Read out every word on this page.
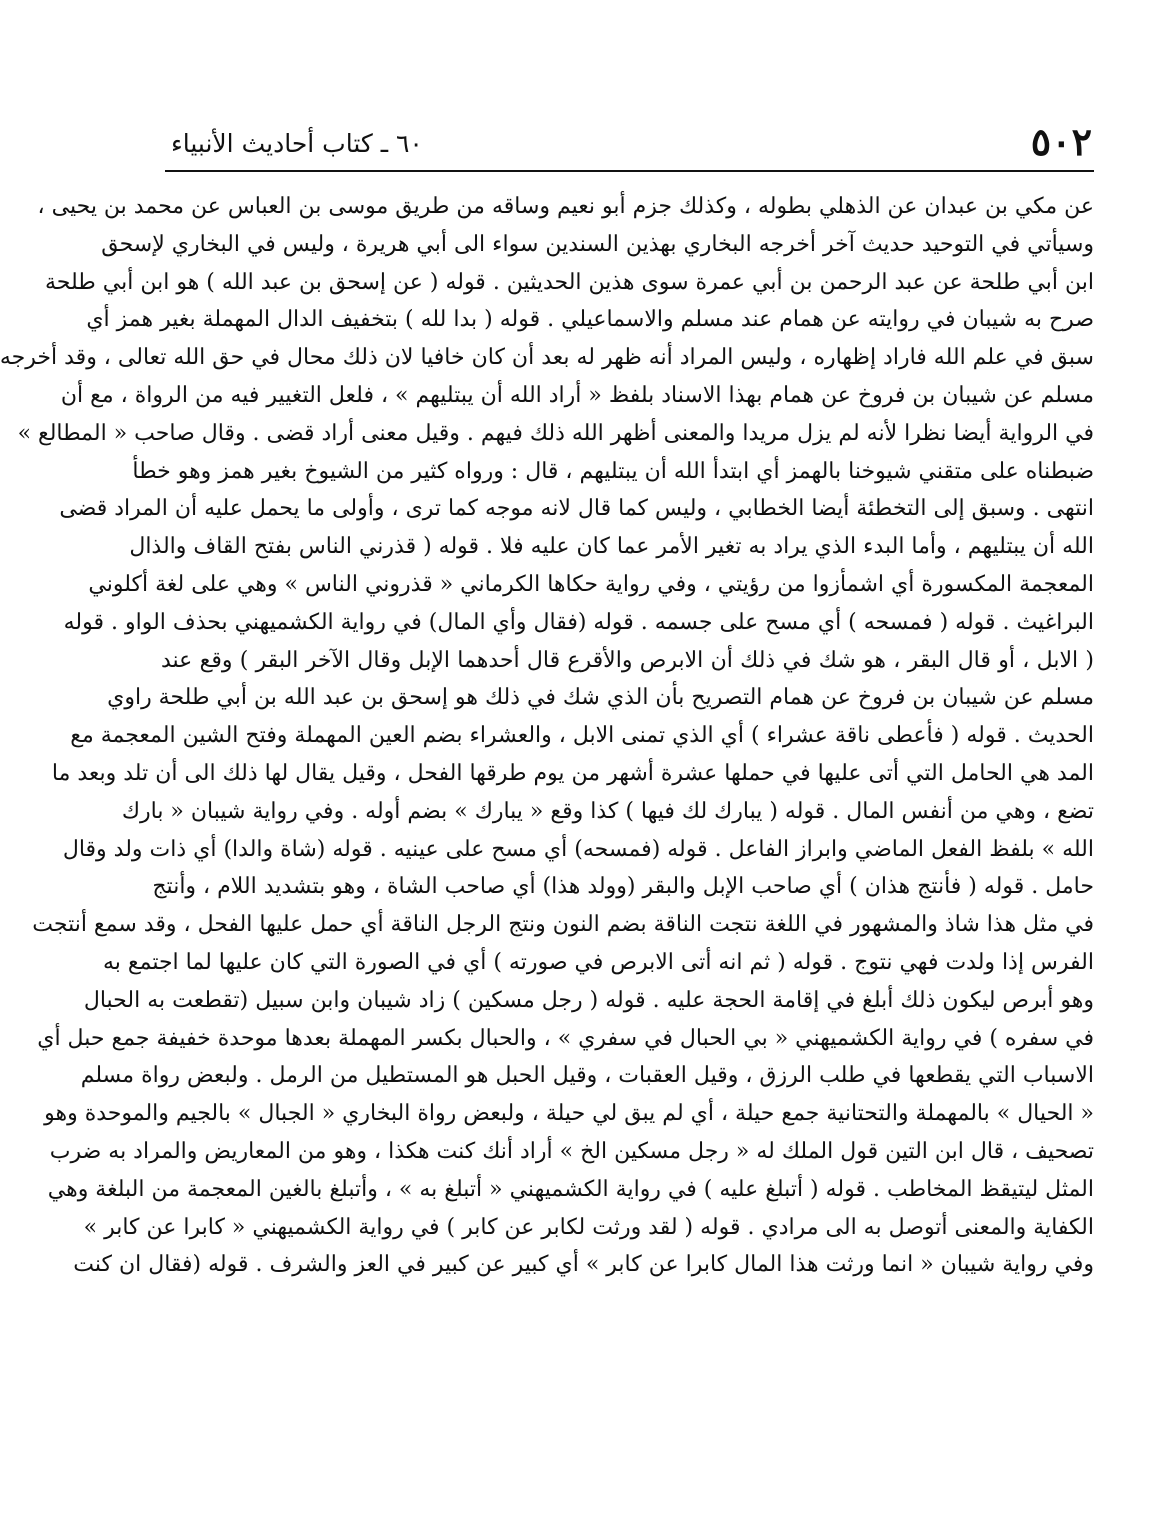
٥٠٢
٦٠ ـ كتاب أحاديث الأنبياء
عن مكي بن عبدان عن الذهلي بطوله ، وكذلك جزم أبو نعيم وساقه من طريق موسى بن العباس عن محمد بن يحيى ،
وسيأتي في التوحيد حديث آخر أخرجه البخاري بهذين السندين سواء الى أبي هريرة ، وليس في البخاري لإسحق
ابن أبي طلحة عن عبد الرحمن بن أبي عمرة سوى هذين الحديثين . قوله ( عن إسحق بن عبد الله ) هو ابن أبي طلحة
صرح به شيبان في روايته عن همام عند مسلم والاسماعيلي . قوله ( بدا لله ) بتخفيف الدال المهملة بغير همز أي
سبق في علم الله فاراد إظهاره ، وليس المراد أنه ظهر له بعد أن كان خافيا لان ذلك محال في حق الله تعالى ، وقد أخرجه
مسلم عن شيبان بن فروخ عن همام بهذا الاسناد بلفظ « أراد الله أن يبتليهم » ، فلعل التغيير فيه من الرواة ، مع أن
في الرواية أيضا نظرا لأنه لم يزل مريدا والمعنى أظهر الله ذلك فيهم . وقيل معنى أراد قضى . وقال صاحب « المطالع »
ضبطناه على متقني شيوخنا بالهمز أي ابتدأ الله أن يبتليهم ، قال : ورواه كثير من الشيوخ بغير همز وهو خطأ
انتهى . وسبق إلى التخطئة أيضا الخطابي ، وليس كما قال لانه موجه كما ترى ، وأولى ما يحمل عليه أن المراد قضى
الله أن يبتليهم ، وأما البدء الذي يراد به تغير الأمر عما كان عليه فلا . قوله ( قذرني الناس بفتح القاف والذال
المعجمة المكسورة أي اشمأزوا من رؤيتي ، وفي رواية حكاها الكرماني « قذروني الناس » وهي على لغة أكلوني
البراغيث . قوله ( فمسحه ) أي مسح على جسمه . قوله (فقال وأي المال) في رواية الكشميهني بحذف الواو . قوله
( الابل ، أو قال البقر ، هو شك في ذلك أن الابرص والأقرع قال أحدهما الإبل وقال الآخر البقر ) وقع عند
مسلم عن شيبان بن فروخ عن همام التصريح بأن الذي شك في ذلك هو إسحق بن عبد الله بن أبي طلحة راوي
الحديث . قوله ( فأعطى ناقة عشراء ) أي الذي تمنى الابل ، والعشراء بضم العين المهملة وفتح الشين المعجمة مع
المد هي الحامل التي أتى عليها في حملها عشرة أشهر من يوم طرقها الفحل ، وقيل يقال لها ذلك الى أن تلد وبعد ما
تضع ، وهي من أنفس المال . قوله ( يبارك لك فيها ) كذا وقع « يبارك » بضم أوله . وفي رواية شيبان « بارك
الله » بلفظ الفعل الماضي وابراز الفاعل . قوله (فمسحه) أي مسح على عينيه . قوله (شاة والدا) أي ذات ولد وقال
حامل . قوله ( فأنتج هذان ) أي صاحب الإبل والبقر (وولد هذا) أي صاحب الشاة ، وهو بتشديد اللام ، وأنتج
في مثل هذا شاذ والمشهور في اللغة نتجت الناقة بضم النون ونتج الرجل الناقة أي حمل عليها الفحل ، وقد سمع أنتجت
الفرس إذا ولدت فهي نتوج . قوله ( ثم انه أتى الابرص في صورته ) أي في الصورة التي كان عليها لما اجتمع به
وهو أبرص ليكون ذلك أبلغ في إقامة الحجة عليه . قوله ( رجل مسكين ) زاد شيبان وابن سبيل (تقطعت به الحبال
في سفره ) في رواية الكشميهني « بي الحبال في سفري » ، والحبال بكسر المهملة بعدها موحدة خفيفة جمع حبل أي
الاسباب التي يقطعها في طلب الرزق ، وقيل العقبات ، وقيل الحبل هو المستطيل من الرمل . ولبعض رواة مسلم
« الحيال » بالمهملة والتحتانية جمع حيلة ، أي لم يبق لي حيلة ، ولبعض رواة البخاري « الجبال » بالجيم والموحدة وهو
تصحيف ، قال ابن التين قول الملك له « رجل مسكين الخ » أراد أنك كنت هكذا ، وهو من المعاريض والمراد به ضرب
المثل ليتيقظ المخاطب . قوله ( أتبلغ عليه ) في رواية الكشميهني « أتبلغ به » ، وأتبلغ بالغين المعجمة من البلغة وهي
الكفاية والمعنى أتوصل به الى مرادي . قوله ( لقد ورثت لكابر عن كابر ) في رواية الكشميهني « كابرا عن كابر »
وفي رواية شيبان « انما ورثت هذا المال كابرا عن كابر » أي كبير عن كبير في العز والشرف . قوله (فقال ان كنت
